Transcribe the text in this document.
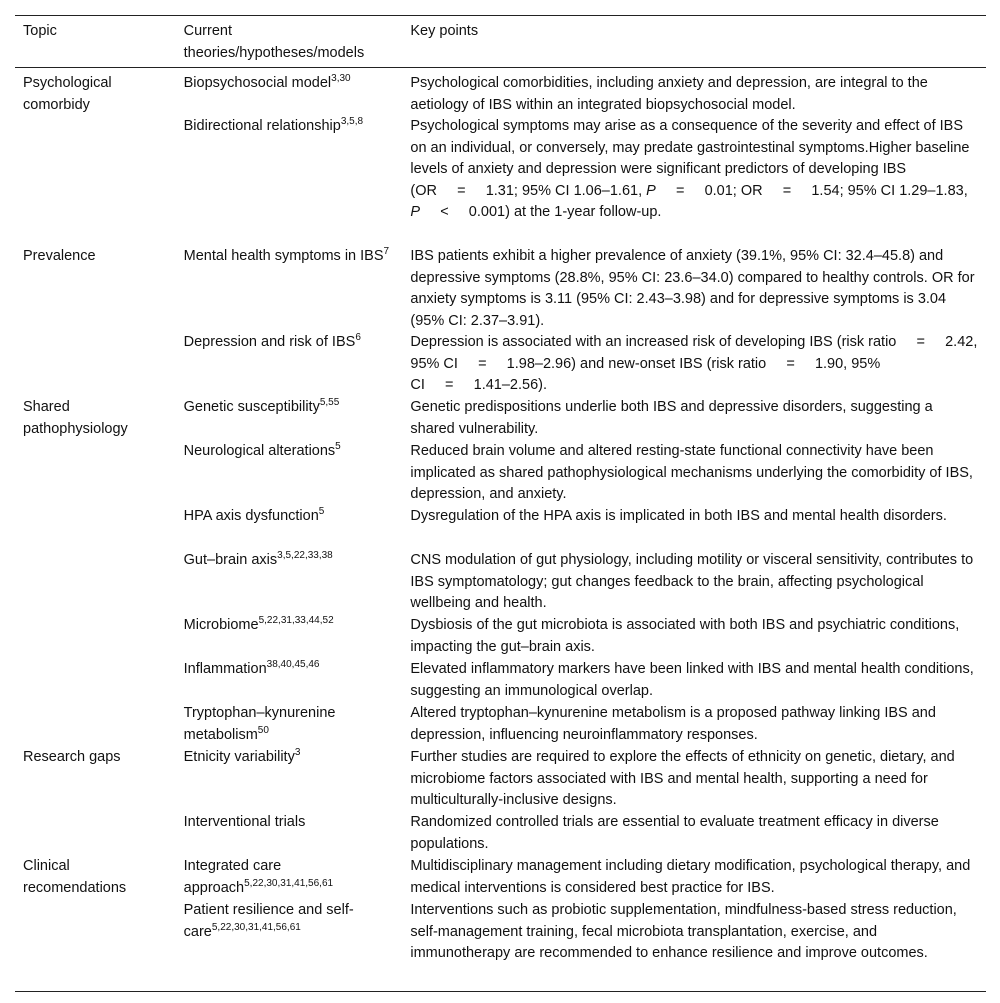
Topic	Current theories/hypotheses/models	Key points
Psychological comorbidy	Biopsychosocial model$^{3,30}$	Psychological comorbidities, including anxiety and depression, are integral to the aetiology of IBS within an integrated biopsychosocial model.
	Bidirectional relationship$^{3,5,8}$	Psychological symptoms may arise as a consequence of the severity and effect of IBS on an individual, or conversely, may predate gastrointestinal symptoms.Higher baseline levels of anxiety and depression were significant predictors of developing IBS (OR     =     1.31; 95% CI 1.06–1.61, P     =     0.01; OR     =     1.54; 95% CI 1.29–1.83, P     <     0.001) at the 1-year follow-up.
Prevalence	Mental health symptoms in IBS$^7$	IBS patients exhibit a higher prevalence of anxiety (39.1%, 95% CI: 32.4–45.8) and depressive symptoms (28.8%, 95% CI: 23.6–34.0) compared to healthy controls. OR for anxiety symptoms is 3.11 (95% CI: 2.43–3.98) and for depressive symptoms is 3.04 (95% CI: 2.37–3.91).
	Depression and risk of IBS$^6$	Depression is associated with an increased risk of developing IBS (risk ratio     =     2.42, 95% CI     =     1.98–2.96) and new-onset IBS (risk ratio     =     1.90, 95% CI     =     1.41–2.56).
Shared pathophysiology	Genetic susceptibility$^{5,55}$	Genetic predispositions underlie both IBS and depressive disorders, suggesting a shared vulnerability.
	Neurological alterations$^5$	Reduced brain volume and altered resting-state functional connectivity have been implicated as shared pathophysiological mechanisms underlying the comorbidity of IBS, depression, and anxiety.
	HPA axis dysfunction$^5$	Dysregulation of the HPA axis is implicated in both IBS and mental health disorders.
	Gut–brain axis$^{3,5,22,33,38}$	CNS modulation of gut physiology, including motility or visceral sensitivity, contributes to IBS symptomatology; gut changes feedback to the brain, affecting psychological wellbeing and health.
	Microbiome$^{5,22,31,33,44,52}$	Dysbiosis of the gut microbiota is associated with both IBS and psychiatric conditions, impacting the gut–brain axis.
	Inflammation$^{38,40,45,46}$	Elevated inflammatory markers have been linked with IBS and mental health conditions, suggesting an immunological overlap.
	Tryptophan–kynurenine metabolism$^{50}$	Altered tryptophan–kynurenine metabolism is a proposed pathway linking IBS and depression, influencing neuroinflammatory responses.
Research gaps	Etnicity variability$^3$	Further studies are required to explore the effects of ethnicity on genetic, dietary, and microbiome factors associated with IBS and mental health, supporting a need for multiculturally-inclusive designs.
	Interventional trials	Randomized controlled trials are essential to evaluate treatment efficacy in diverse populations.
Clinical recomendations	Integrated care approach$^{5,22,30,31,41,56,61}$	Multidisciplinary management including dietary modification, psychological therapy, and medical interventions is considered best practice for IBS.
	Patient resilience and self-care$^{5,22,30,31,41,56,61}$	Interventions such as probiotic supplementation, mindfulness-based stress reduction, self-management training, fecal microbiota transplantation, exercise, and immunotherapy are recommended to enhance resilience and improve outcomes.
